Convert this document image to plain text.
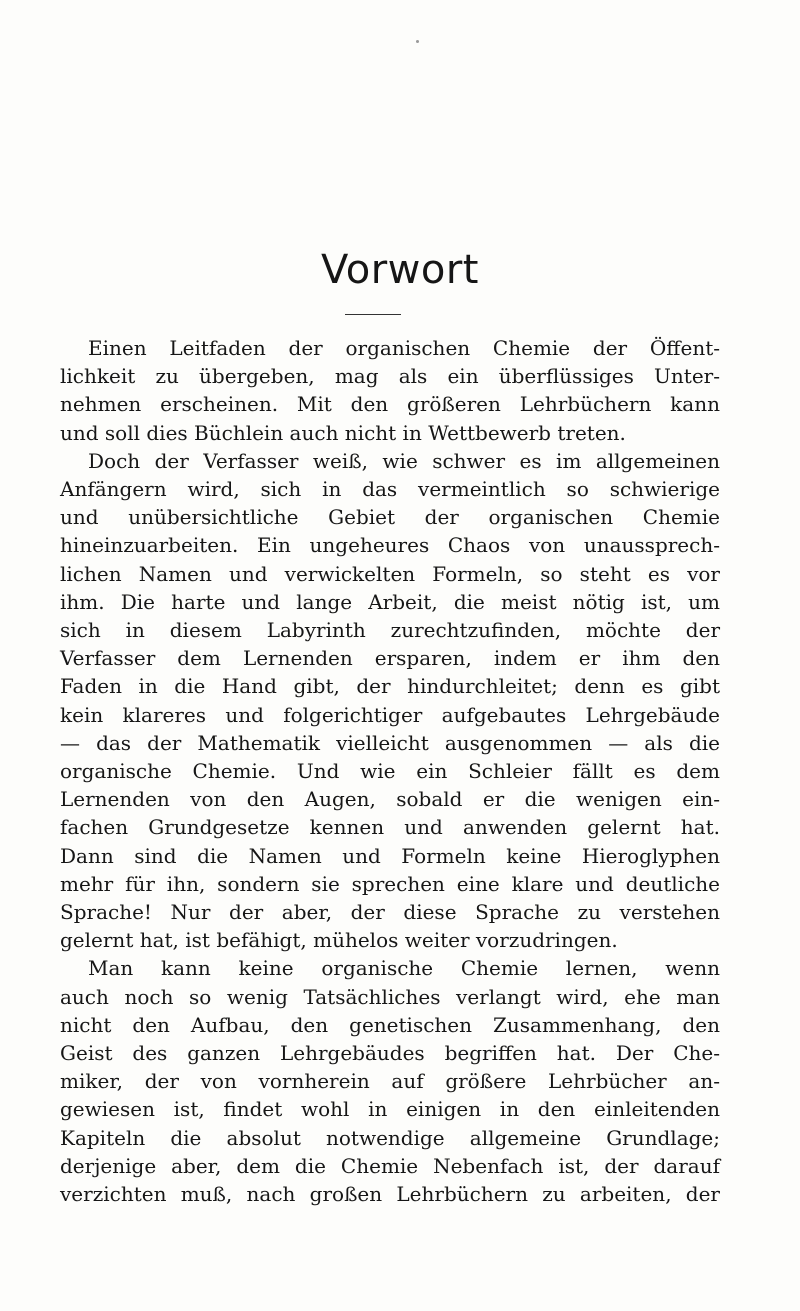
Vorwort
Einen Leitfaden der organischen Chemie der Öffent-
lichkeit zu übergeben, mag als ein überflüssiges Unter-
nehmen erscheinen. Mit den größeren Lehrbüchern kann
und soll dies Büchlein auch nicht in Wettbewerb treten.
Doch der Verfasser weiß, wie schwer es im allgemeinen
Anfängern wird, sich in das vermeintlich so schwierige
und unübersichtliche Gebiet der organischen Chemie
hineinzuarbeiten. Ein ungeheures Chaos von unaussprech-
lichen Namen und verwickelten Formeln, so steht es vor
ihm. Die harte und lange Arbeit, die meist nötig ist, um
sich in diesem Labyrinth zurechtzufinden, möchte der
Verfasser dem Lernenden ersparen, indem er ihm den
Faden in die Hand gibt, der hindurchleitet; denn es gibt
kein klareres und folgerichtiger aufgebautes Lehrgebäude
— das der Mathematik vielleicht ausgenommen — als die
organische Chemie. Und wie ein Schleier fällt es dem
Lernenden von den Augen, sobald er die wenigen ein-
fachen Grundgesetze kennen und anwenden gelernt hat.
Dann sind die Namen und Formeln keine Hieroglyphen
mehr für ihn, sondern sie sprechen eine klare und deutliche
Sprache! Nur der aber, der diese Sprache zu verstehen
gelernt hat, ist befähigt, mühelos weiter vorzudringen.
Man kann keine organische Chemie lernen, wenn
auch noch so wenig Tatsächliches verlangt wird, ehe man
nicht den Aufbau, den genetischen Zusammenhang, den
Geist des ganzen Lehrgebäudes begriffen hat. Der Che-
miker, der von vornherein auf größere Lehrbücher an-
gewiesen ist, findet wohl in einigen in den einleitenden
Kapiteln die absolut notwendige allgemeine Grundlage;
derjenige aber, dem die Chemie Nebenfach ist, der darauf
verzichten muß, nach großen Lehrbüchern zu arbeiten, der
